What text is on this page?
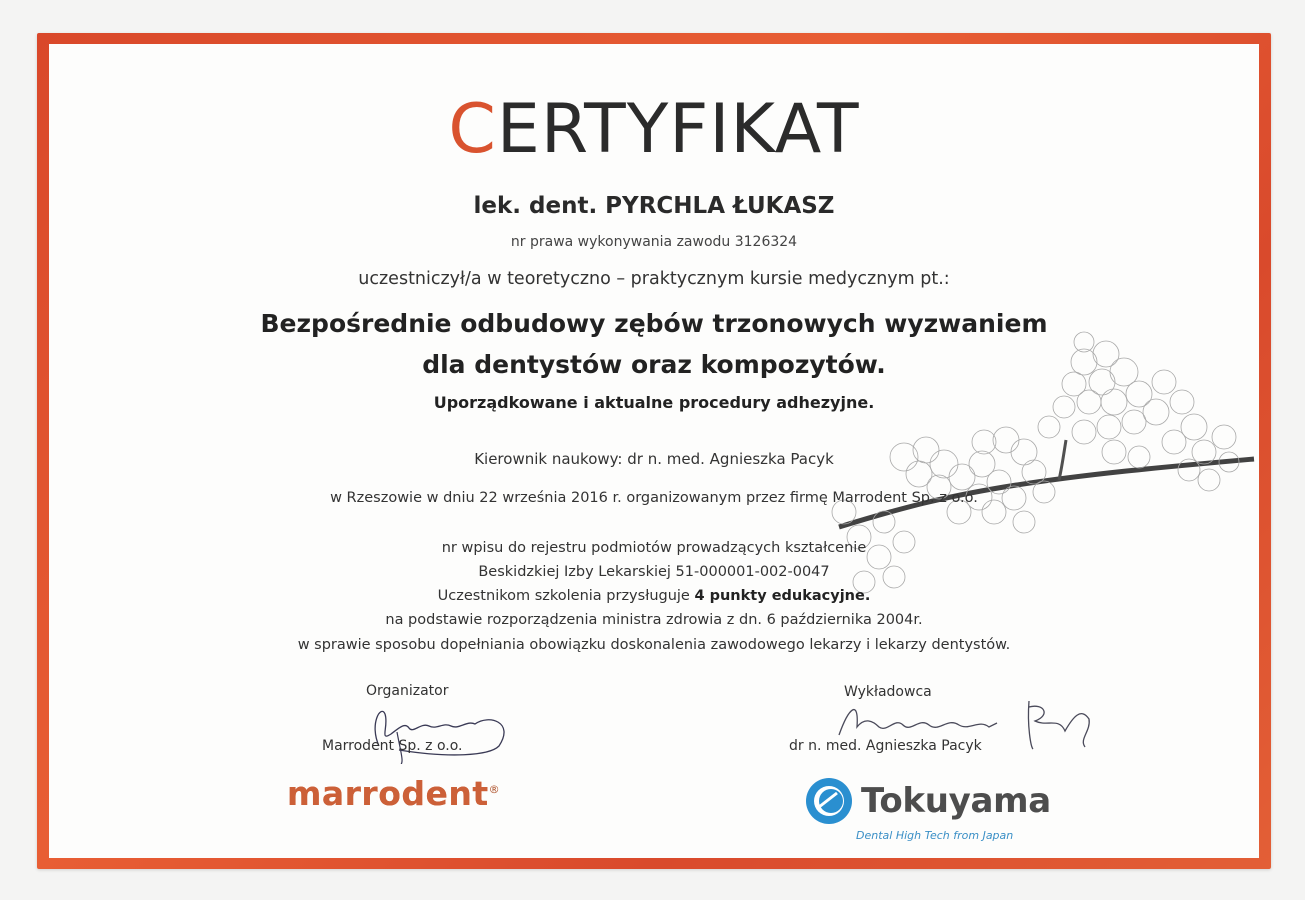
CERTYFIKAT
lek. dent. PYRCHLA ŁUKASZ
nr prawa wykonywania zawodu 3126324
uczestniczył/a w teoretyczno – praktycznym kursie medycznym pt.:
Bezpośrednie odbudowy zębów trzonowych wyzwaniem
dla dentystów oraz kompozytów.
Uporządkowane i aktualne procedury adhezyjne.
Kierownik naukowy: dr n. med. Agnieszka Pacyk
w Rzeszowie w dniu 22 września 2016 r. organizowanym przez firmę Marrodent Sp. z o.o.
nr wpisu do rejestru podmiotów prowadzących kształcenie
Beskidzkiej Izby Lekarskiej 51-000001-002-0047
Uczestnikom szkolenia przysługuje 4 punkty edukacyjne.
na podstawie rozporządzenia ministra zdrowia z dn. 6 października 2004r.
w sprawie sposobu dopełniania obowiązku doskonalenia zawodowego lekarzy i lekarzy dentystów.
Organizator
Marrodent Sp. z o.o.
Wykładowca
dr n. med. Agnieszka Pacyk
marrodent®	Tokuyama
Dental High Tech from Japan
